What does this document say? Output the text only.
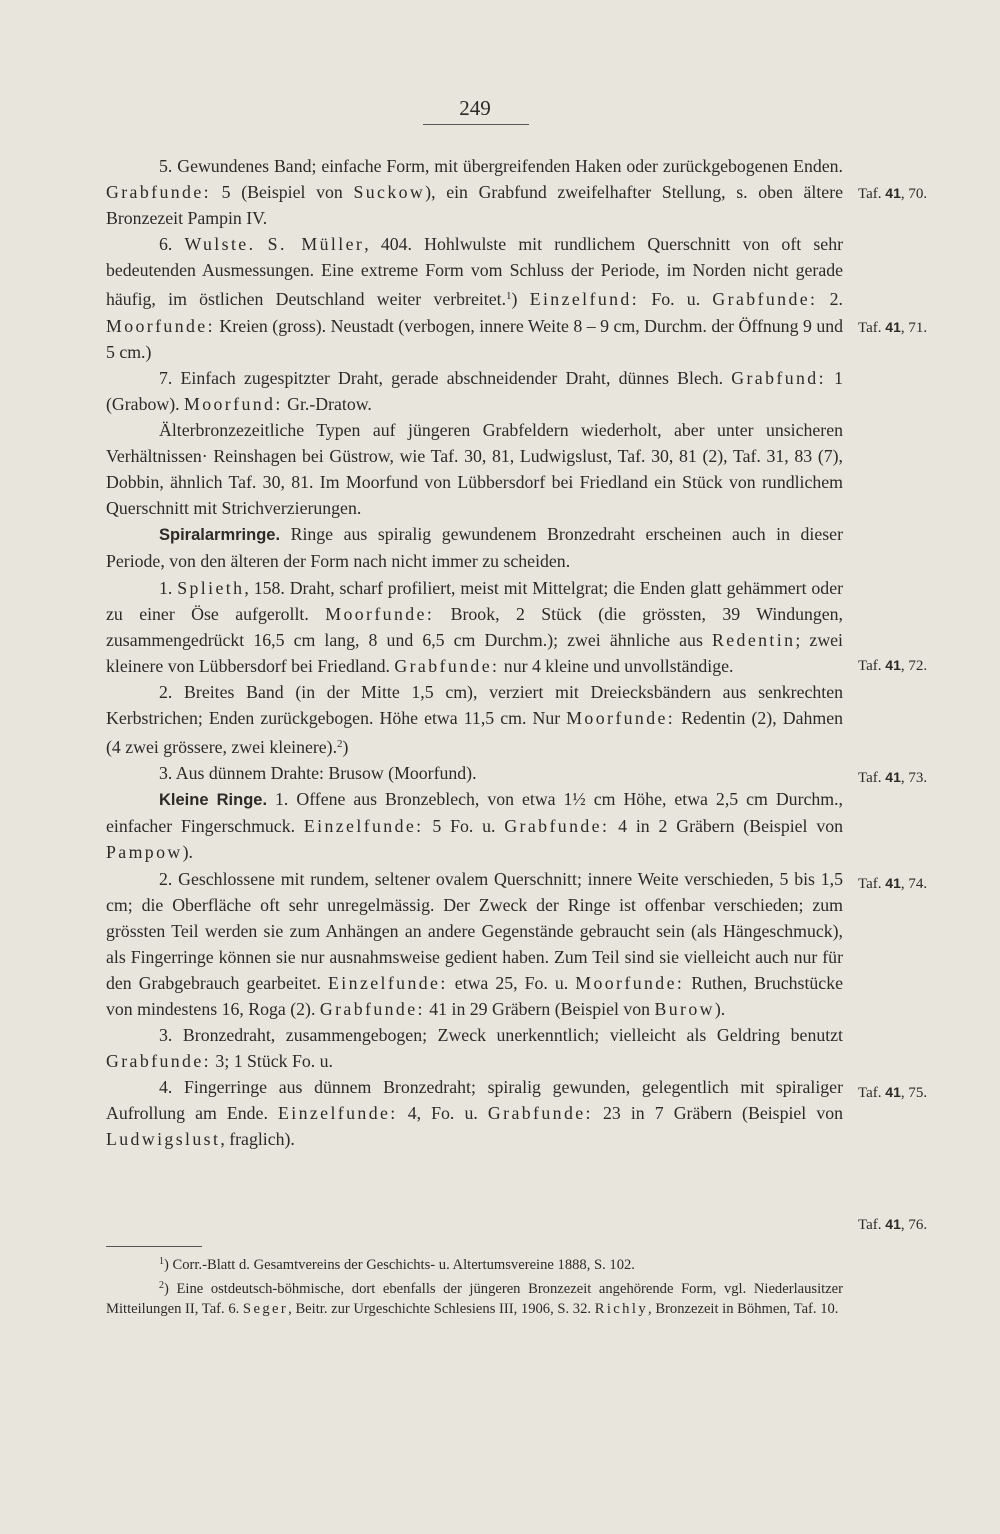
249

5. Gewundenes Band; einfache Form, mit übergreifenden Haken oder zurückgebogenen Enden. Grabfunde: 5 (Beispiel von Suckow), ein Grabfund zweifelhafter Stellung, s. oben ältere Bronzezeit Pampin IV.

6. Wulste. S. Müller, 404. Hohlwulste mit rundlichem Querschnitt von oft sehr bedeutenden Ausmessungen. Eine extreme Form vom Schluss der Periode, im Norden nicht gerade häufig, im östlichen Deutschland weiter verbreitet.$^1$) Einzelfund: Fo. u. Grabfunde: 2. Moorfunde: Kreien (gross). Neustadt (verbogen, innere Weite 8 – 9 cm, Durchm. der Öffnung 9 und 5 cm.)

7. Einfach zugespitzter Draht, gerade abschneidender Draht, dünnes Blech. Grabfund: 1 (Grabow). Moorfund: Gr.-Dratow.

Älterbronzezeitliche Typen auf jüngeren Grabfeldern wiederholt, aber unter unsicheren Verhältnissen· Reinshagen bei Güstrow, wie Taf. 30, 81, Ludwigslust, Taf. 30, 81 (2), Taf. 31, 83 (7), Dobbin, ähnlich Taf. 30, 81. Im Moorfund von Lübbersdorf bei Friedland ein Stück von rundlichem Querschnitt mit Strichverzierungen.

Spiralarmringe. Ringe aus spiralig gewundenem Bronzedraht erscheinen auch in dieser Periode, von den älteren der Form nach nicht immer zu scheiden.

1. Splieth, 158. Draht, scharf profiliert, meist mit Mittelgrat; die Enden glatt gehämmert oder zu einer Öse aufgerollt. Moorfunde: Brook, 2 Stück (die grössten, 39 Windungen, zusammengedrückt 16,5 cm lang, 8 und 6,5 cm Durchm.); zwei ähnliche aus Redentin; zwei kleinere von Lübbersdorf bei Friedland. Grabfunde: nur 4 kleine und unvollständige.

2. Breites Band (in der Mitte 1,5 cm), verziert mit Dreiecksbändern aus senkrechten Kerbstrichen; Enden zurückgebogen. Höhe etwa 11,5 cm. Nur Moorfunde: Redentin (2), Dahmen (4 zwei grössere, zwei kleinere).$^2$)

3. Aus dünnem Drahte: Brusow (Moorfund).

Kleine Ringe. 1. Offene aus Bronzeblech, von etwa 1½ cm Höhe, etwa 2,5 cm Durchm., einfacher Fingerschmuck. Einzelfunde: 5 Fo. u. Grabfunde: 4 in 2 Gräbern (Beispiel von Pampow).

2. Geschlossene mit rundem, seltener ovalem Querschnitt; innere Weite verschieden, 5 bis 1,5 cm; die Oberfläche oft sehr unregelmässig. Der Zweck der Ringe ist offenbar verschieden; zum grössten Teil werden sie zum Anhängen an andere Gegenstände gebraucht sein (als Hängeschmuck), als Fingerringe können sie nur ausnahmsweise gedient haben. Zum Teil sind sie vielleicht auch nur für den Grabgebrauch gearbeitet. Einzelfunde: etwa 25, Fo. u. Moorfunde: Ruthen, Bruchstücke von mindestens 16, Roga (2). Grabfunde: 41 in 29 Gräbern (Beispiel von Burow).

3. Bronzedraht, zusammengebogen; Zweck unerkenntlich; vielleicht als Geldring benutzt Grabfunde: 3; 1 Stück Fo. u.

4. Fingerringe aus dünnem Bronzedraht; spiralig gewunden, gelegentlich mit spiraliger Aufrollung am Ende. Einzelfunde: 4, Fo. u. Grabfunde: 23 in 7 Gräbern (Beispiel von Ludwigslust, fraglich).

Taf. 41, 70.
Taf. 41, 71.
Taf. 41, 72.
Taf. 41, 73.
Taf. 41, 74.
Taf. 41, 75.
Taf. 41, 76.

$^1$) Corr.-Blatt d. Gesamtvereins der Geschichts- u. Altertumsvereine 1888, S. 102.

$^2$) Eine ostdeutsch-böhmische, dort ebenfalls der jüngeren Bronzezeit angehörende Form, vgl. Niederlausitzer Mitteilungen II, Taf. 6. Seger, Beitr. zur Urgeschichte Schlesiens III, 1906, S. 32. Richly, Bronzezeit in Böhmen, Taf. 10.
